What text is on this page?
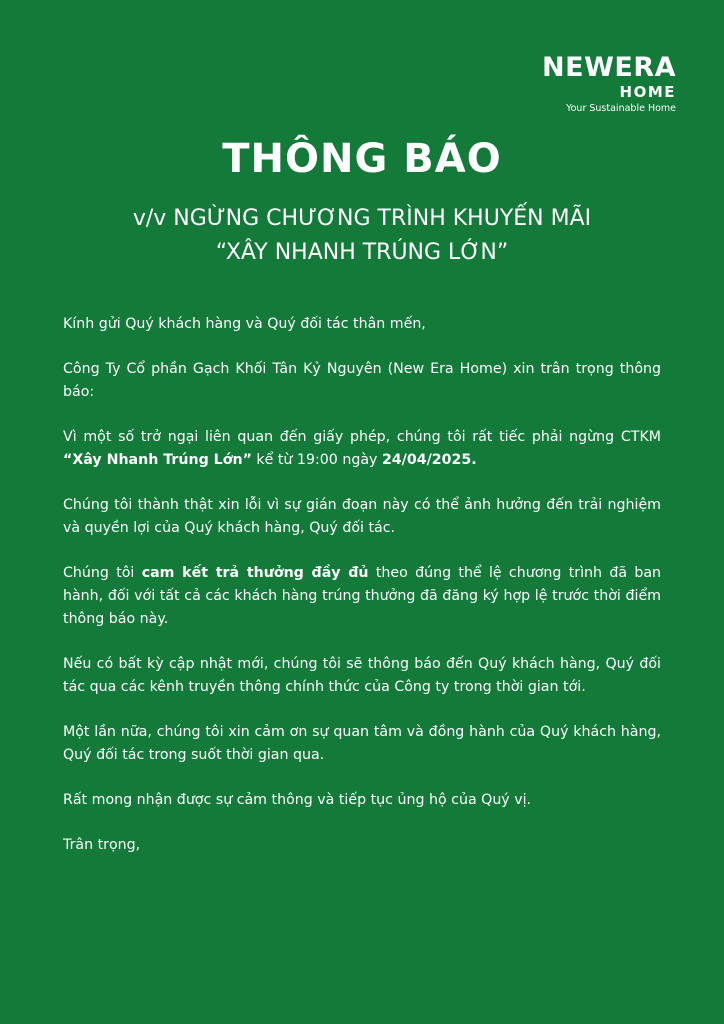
NEWERA
HOME
Your Sustainable Home
THÔNG BÁO
v/v NGỪNG CHƯƠNG TRÌNH KHUYẾN MÃI
“XÂY NHANH TRÚNG LỚN”

Kính gửi Quý khách hàng và Quý đối tác thân mến,

Công Ty Cổ phần Gạch Khối Tân Kỷ Nguyên (New Era Home) xin trân trọng thông báo:

Vì một số trở ngại liên quan đến giấy phép, chúng tôi rất tiếc phải ngừng CTKM “Xây Nhanh Trúng Lớn” kể từ 19:00 ngày 24/04/2025.

Chúng tôi thành thật xin lỗi vì sự gián đoạn này có thể ảnh hưởng đến trải nghiệm và quyền lợi của Quý khách hàng, Quý đối tác.

Chúng tôi cam kết trả thưởng đầy đủ theo đúng thể lệ chương trình đã ban hành, đối với tất cả các khách hàng trúng thưởng đã đăng ký hợp lệ trước thời điểm thông báo này.

Nếu có bất kỳ cập nhật mới, chúng tôi sẽ thông báo đến Quý khách hàng, Quý đối tác qua các kênh truyền thông chính thức của Công ty trong thời gian tới.

Một lần nữa, chúng tôi xin cảm ơn sự quan tâm và đồng hành của Quý khách hàng, Quý đối tác trong suốt thời gian qua.

Rất mong nhận được sự cảm thông và tiếp tục ủng hộ của Quý vị.

Trân trọng,
